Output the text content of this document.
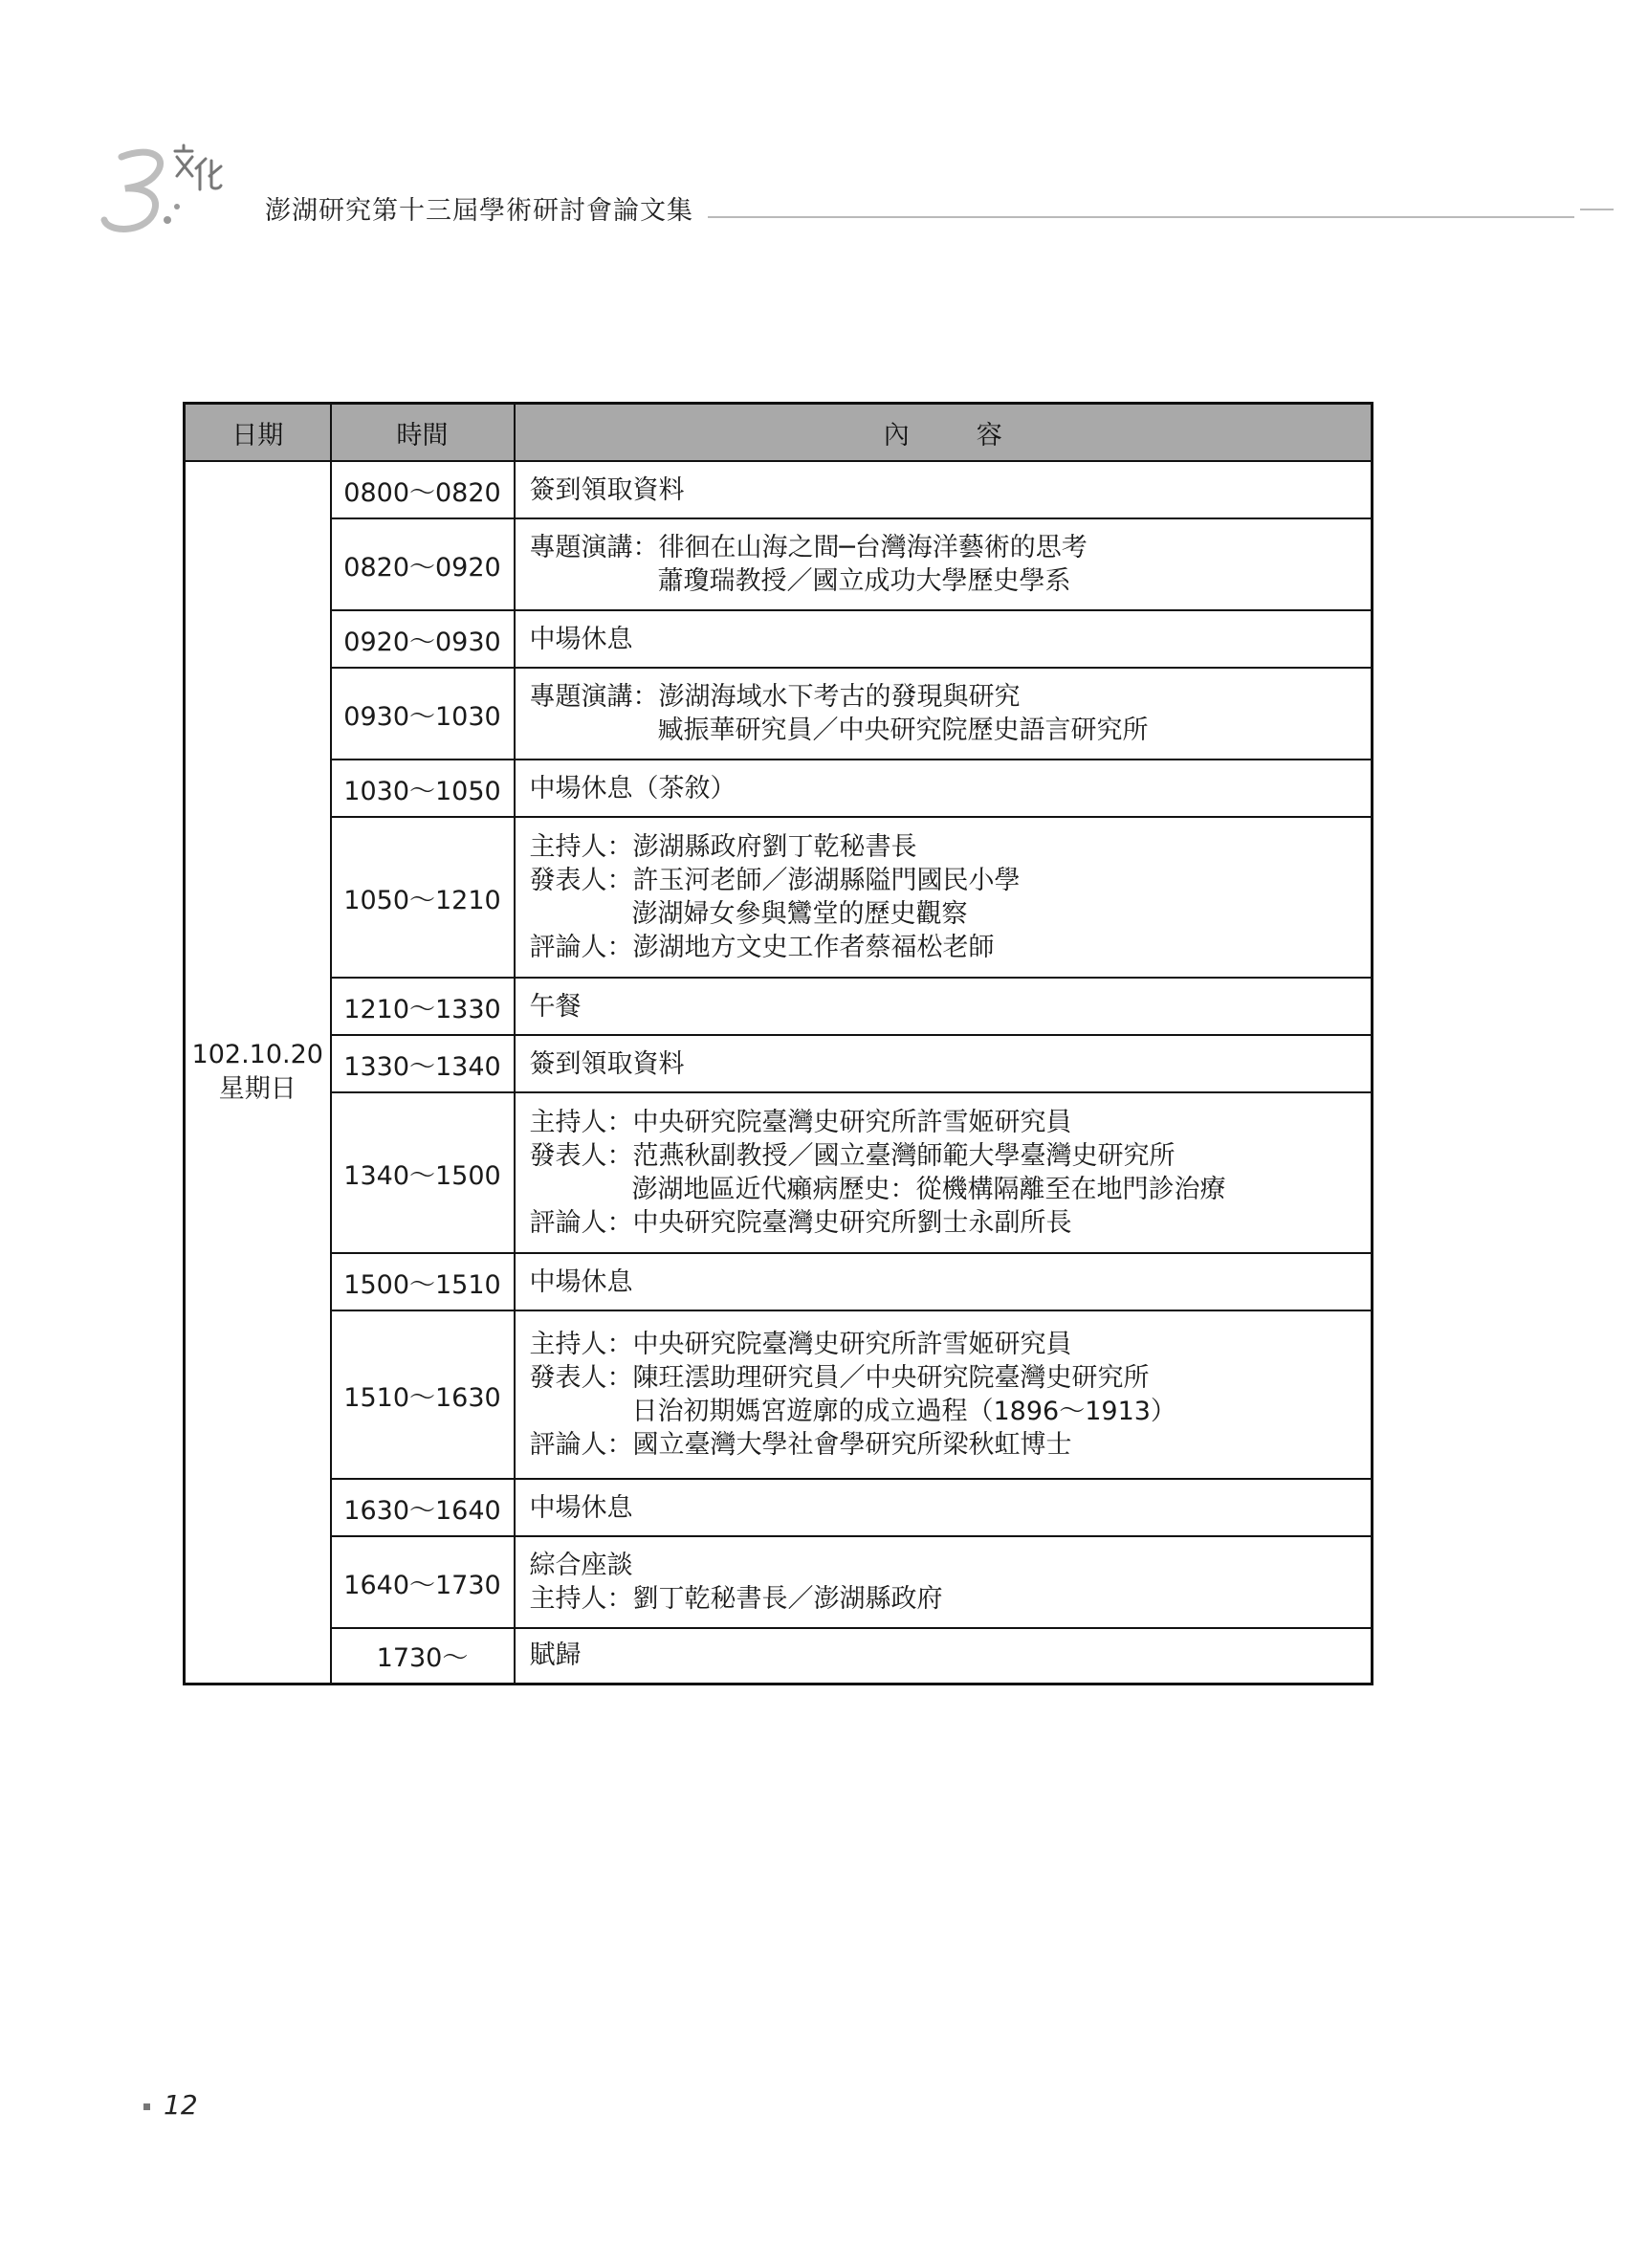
澎湖研究第十三屆學術研討會論文集
日期	時間	內容

102.10.20
星期日	0800～0820	簽到領取資料

	0820～0920	專題演講：徘徊在山海之間─台灣海洋藝術的思考
蕭瓊瑞教授／國立成功大學歷史學系

	0920～0930	中場休息

	0930～1030	專題演講：澎湖海域水下考古的發現與研究
臧振華研究員／中央研究院歷史語言研究所

	1030～1050	中場休息（茶敘）

	1050～1210	主持人：澎湖縣政府劉丁乾秘書長
發表人：許玉河老師／澎湖縣隘門國民小學
澎湖婦女參與鸞堂的歷史觀察
評論人：澎湖地方文史工作者蔡福松老師

	1210～1330	午餐

	1330～1340	簽到領取資料

	1340～1500	主持人：中央研究院臺灣史研究所許雪姬研究員
發表人：范燕秋副教授／國立臺灣師範大學臺灣史研究所
澎湖地區近代癩病歷史：從機構隔離至在地門診治療
評論人：中央研究院臺灣史研究所劉士永副所長

	1500～1510	中場休息

	1510～1630	主持人：中央研究院臺灣史研究所許雪姬研究員
發表人：陳玨澐助理研究員／中央研究院臺灣史研究所
日治初期媽宮遊廓的成立過程（1896～1913）
評論人：國立臺灣大學社會學研究所梁秋虹博士

	1630～1640	中場休息

	1640～1730	綜合座談
主持人：劉丁乾秘書長／澎湖縣政府

	1730～	賦歸
12
